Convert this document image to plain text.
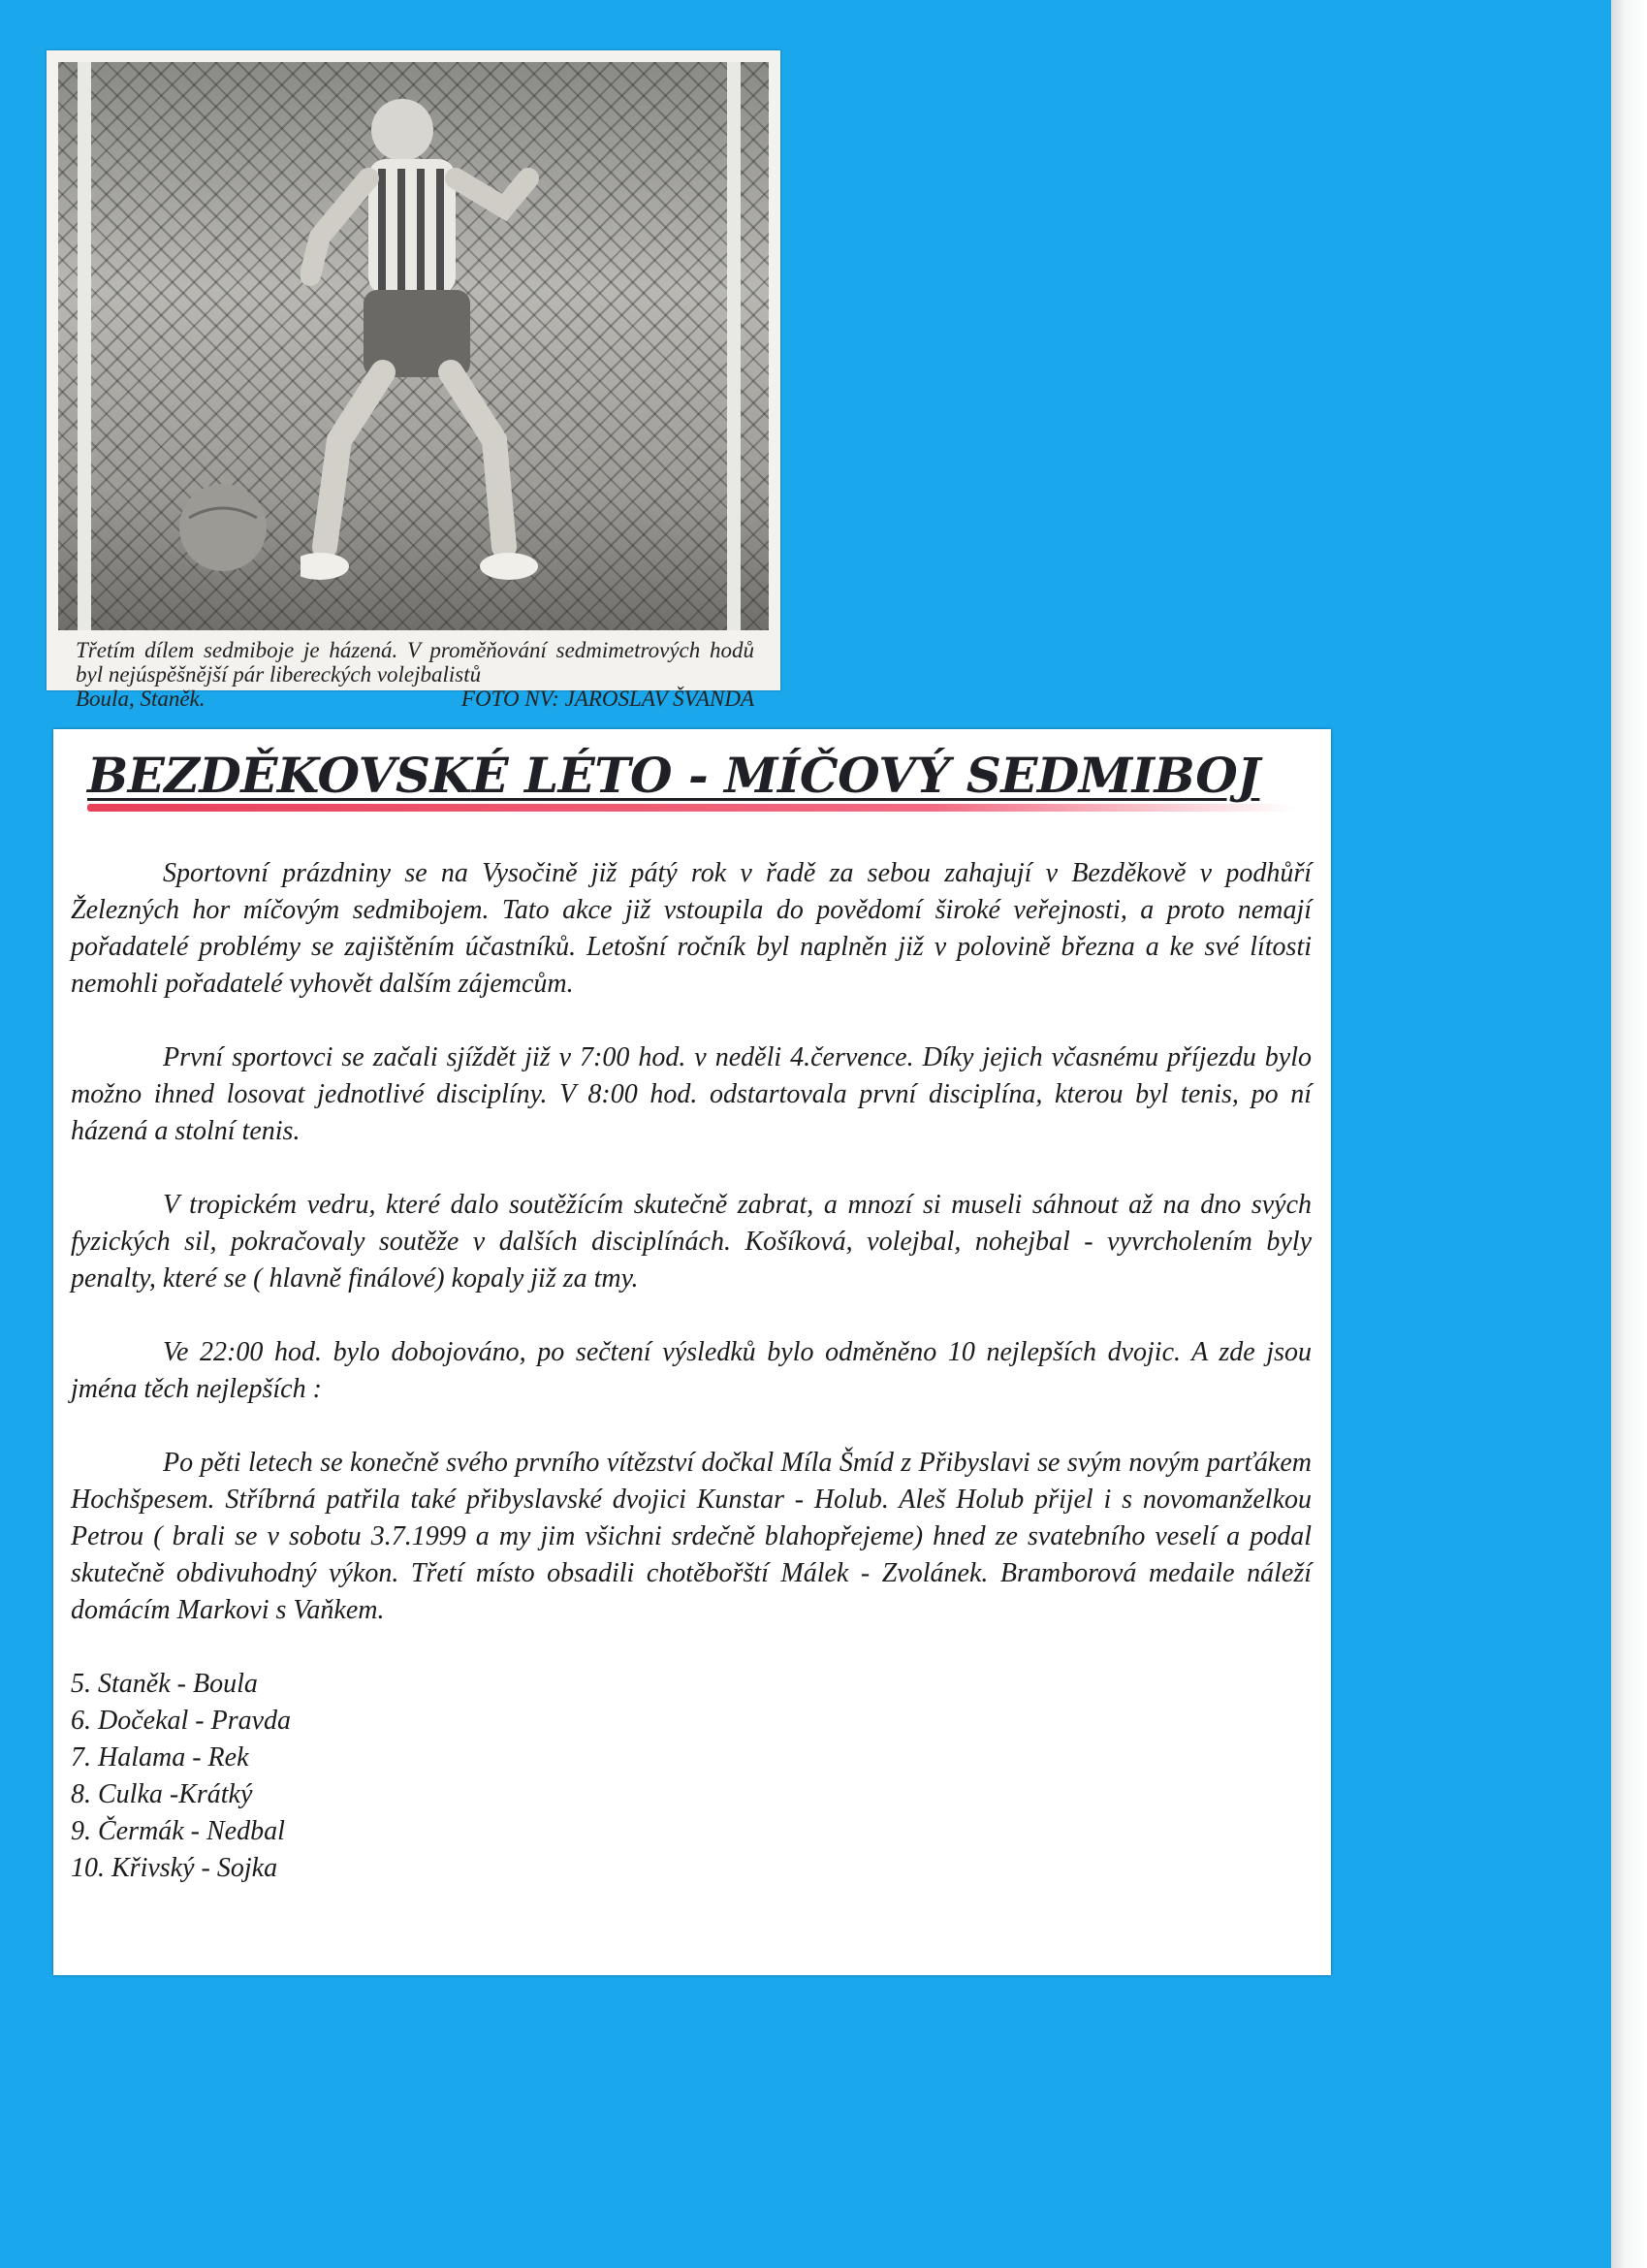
Třetím dílem sedmiboje je házená. V proměňování sedmimetrových hodů byl nejúspěšnější pár libereckých volejbalistů
Boula, Staněk.	FOTO NV: JAROSLAV ŠVANDA
BEZDĚKOVSKÉ LÉTO - MÍČOVÝ SEDMIBOJ

Sportovní prázdniny se na Vysočině již pátý rok v řadě za sebou zahajují v Bezděkově v podhůří Železných hor míčovým sedmibojem. Tato akce již vstoupila do povědomí široké veřejnosti, a proto nemají pořadatelé problémy se zajištěním účastníků. Letošní ročník byl naplněn již v polovině března a ke své lítosti nemohli pořadatelé vyhovět dalším zájemcům.

První sportovci se začali sjíždět již v 7:00 hod. v neděli 4.července. Díky jejich včasnému příjezdu bylo možno ihned losovat jednotlivé disciplíny. V 8:00 hod. odstartovala první disciplína, kterou byl tenis, po ní házená a stolní tenis.

V tropickém vedru, které dalo soutěžícím skutečně zabrat, a mnozí si museli sáhnout až na dno svých fyzických sil, pokračovaly soutěže v dalších disciplínách. Košíková, volejbal, nohejbal - vyvrcholením byly penalty, které se ( hlavně finálové) kopaly již za tmy.

Ve 22:00 hod. bylo dobojováno, po sečtení výsledků bylo odměněno 10 nejlepších dvojic. A zde jsou jména těch nejlepších :

Po pěti letech se konečně svého prvního vítězství dočkal Míla Šmíd z Přibyslavi se svým novým parťákem Hochšpesem. Stříbrná patřila také přibyslavské dvojici Kunstar - Holub. Aleš Holub přijel i s novomanželkou Petrou ( brali se v sobotu 3.7.1999 a my jim všichni srdečně blahopřejeme) hned ze svatebního veselí a podal skutečně obdivuhodný výkon. Třetí místo obsadili chotěbořští Málek - Zvolánek. Bramborová medaile náleží domácím Markovi s Vaňkem.

5. Staněk - Boula
6. Dočekal - Pravda
7. Halama - Rek
8. Culka -Krátký
9. Čermák - Nedbal
10. Křivský - Sojka
